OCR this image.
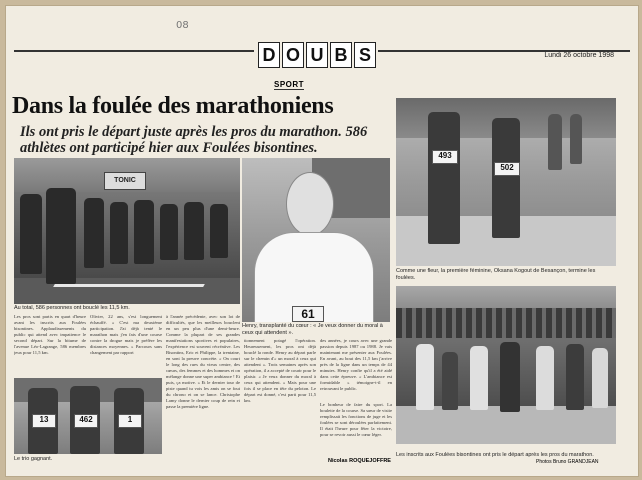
08
D O U B S	Lundi 26 octobre 1998
SPORT
Dans la foulée des marathoniens
Ils ont pris le départ juste après les pros du marathon. 586 athlètes ont participé hier aux Foulées bisontines.
TONIC
Au total, 586 personnes ont bouclé les 11,5 km.	61
Henry, transplanté du cœur : « Je veux donner du moral à ceux qui attendent ».
493
502
Comme une fleur, la première féminine, Oksana Kogout de Besançon, termine les foulées.
Les inscrits aux Foulées bisontines ont pris le départ après les pros du marathon.
Photos Bruno GRANDJEAN
13	462	1
Le trio gagnant.
Les pros sont partis en quart d'heure avant les inscrits aux Foulées bisontines. Applaudissements du public qui attend avec impatience le second départ. Sur la bitume de l'avenue Léo-Lagrange, 586 membres jeux pour 11,5 km.
Olivier, 22 ans, s'est longuement échauffé. « C'est ma deuxième participation. J'ai déjà tenté le marathon mais j'en fais d'une course contre la drogue mais je préfère les distances moyennes. » Parcours sans changement par rapport
à l'année précédente, avec son lot de difficultés, que les meilleurs bouclent en un peu plus d'une demi-heure. Comme la plupart de ses grandes manifestations sportives et populaires, l'expérience est souvent récréative. Les Bisontins, Eric et Philippe, la trentaine, en sont la preuve concrète. « On court le long des rues du vieux centre, des cœurs, des femmes et des hommes et on mélange donne une super ambiance ! Et puis, ça motive. » Et le dernier tour de piste quand tu vois les amis on se fout du chrono et on se lance. Christophe Lamy donne le dernier coup de rein et passe la première ligne.
tionnement potagé l'opération. Heureusement, les pros ont déjà bouclé la ronde. Henry au départ parle sur le chemin d'« un moral à ceux qui attendent ». Trois semaines après son opération, il a accepté de courir pour le plaisir. « Je veux donner du moral à ceux qui attendent. » Mais pour une fois il se place en tête du peloton. Le départ est donné, c'est parti pour 11,5 km.
des années, je cours avec une grande passion depuis 1987 ou 1988. Je vais maintenant me présenter aux Foulées. En avant, au bout des 11,5 km j'arrive près de la ligne dans un temps de 44 minutes. Henry confie qu'il a été aidé dans cette épreuve. « L'ambiance est formidable » témoigne-t-il en retrouvant le public.
Le bonheur de faire du sport. La boulette de la course. Sa sœur de visite remplissait les fonctions de juge et les foulées se sont déroulées parfaitement. Il était l'heure pour fêter la victoire, pour se revoir aussi le cœur léger.
Nicolas ROQUEJOFFRE
